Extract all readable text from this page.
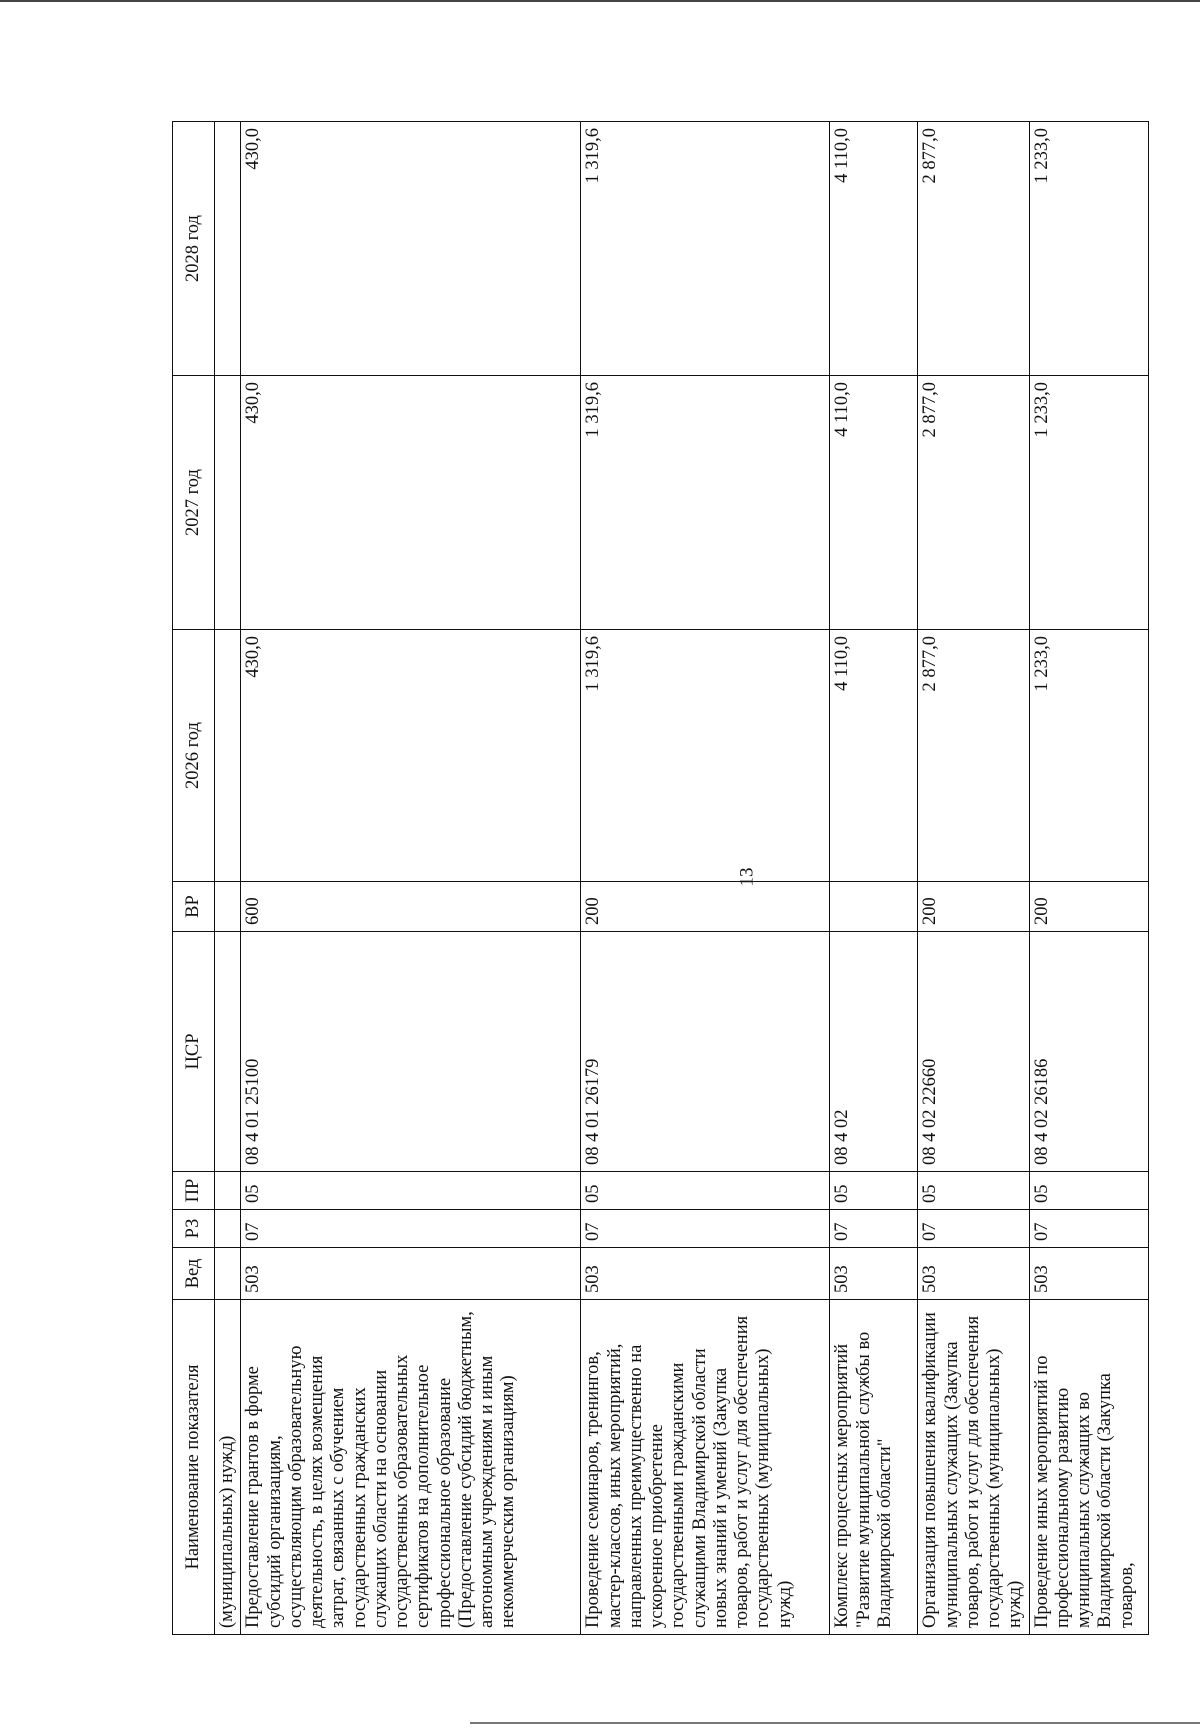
13
Наименование показателя	Вед	РЗ	ПР	ЦСР	ВР	2026 год	2027 год	2028 год
(муниципальных) нужд)								
Предоставление грантов в форме субсидий организациям, осуществляющим образовательную деятельность, в целях возмещения затрат, связанных с обучением государственных гражданских служащих области на основании государственных образовательных сертификатов на дополнительное профессиональное образование (Предоставление субсидий бюджетным, автономным учреждениям и иным некоммерческим организациям)	503	07	05	08 4 01 25100	600	430,0	430,0	430,0
Проведение семинаров, тренингов, мастер-классов, иных мероприятий, направленных преимущественно на ускоренное приобретение государственными гражданскими служащими Владимирской области новых знаний и умений (Закупка товаров, работ и услуг для обеспечения государственных (муниципальных) нужд)	503	07	05	08 4 01 26179	200	1 319,6	1 319,6	1 319,6
Комплекс процессных мероприятий "Развитие муниципальной службы во Владимирской области"	503	07	05	08 4 02		4 110,0	4 110,0	4 110,0
Организация повышения квалификации муниципальных служащих (Закупка товаров, работ и услуг для обеспечения государственных (муниципальных) нужд)	503	07	05	08 4 02 22660	200	2 877,0	2 877,0	2 877,0
Проведение иных мероприятий по профессиональному развитию муниципальных служащих во Владимирской области (Закупка товаров,	503	07	05	08 4 02 26186	200	1 233,0	1 233,0	1 233,0
